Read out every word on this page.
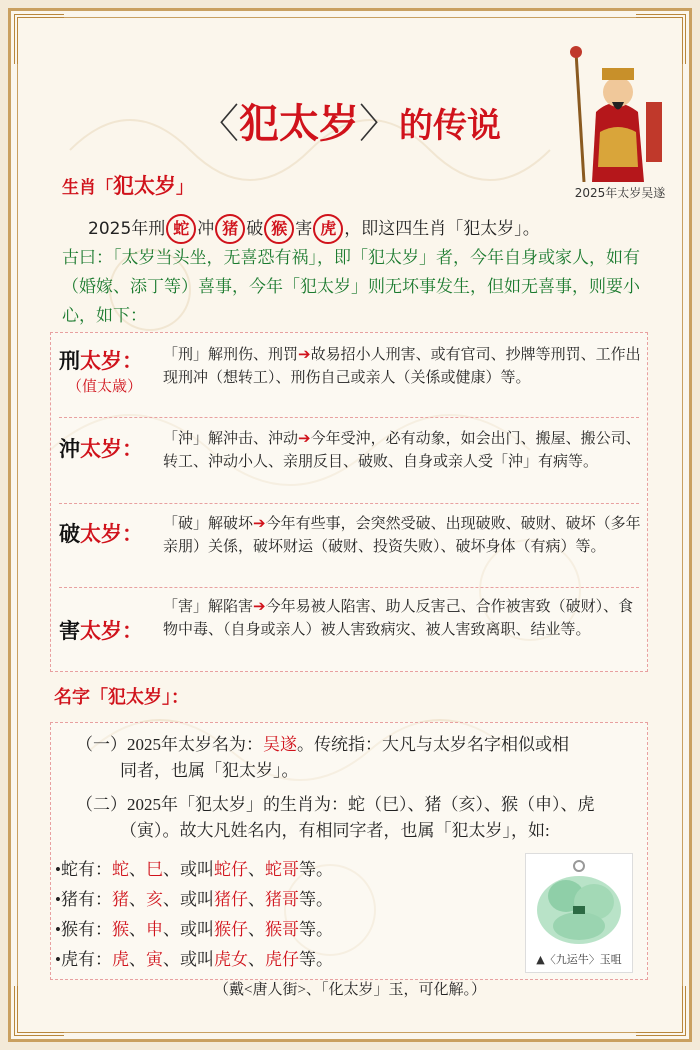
〈犯太岁〉的传说
2025年太岁吴遂
生肖「犯太岁」
2025年刑 蛇 冲 猪 破 猴 害 虎 ，即这四生肖「犯太岁」。
古曰：「太岁当头坐，无喜恐有祸」，即「犯太岁」者，今年自身或家人，如有（婚嫁、添丁等）喜事，今年「犯太岁」则无坏事发生，但如无喜事，则要小心，如下：
刑太岁：
（值太歳）
「刑」解刑伤、刑罚➔故易招小人刑害、或有官司、抄牌等刑罚、工作出现刑冲（想转工）、刑伤自己或亲人（关係或健康）等。
沖太岁： 「沖」解沖击、沖动➔今年受沖，必有动象，如会出门、搬屋、搬公司、转工、沖动小人、亲朋反目、破败、自身或亲人受「沖」有病等。
破太岁： 「破」解破坏➔今年有些事，会突然受破、出现破败、破财、破坏（多年亲朋）关係，破坏财运（破财、投资失败）、破坏身体（有病）等。
害太岁：
「害」解陷害➔今年易被人陷害、助人反害己、合作被害致（破财）、食物中毒、（自身或亲人）被人害致病灾、被人害致离职、结业等。
名字「犯太岁」：
（一）2025年太岁名为：吴遂。传统指：大凡与太岁名字相似或相
同者，也属「犯太岁」。
（二）2025年「犯太岁」的生肖为：蛇（巳）、猪（亥）、猴（申）、虎
（寅）。故大凡姓名内，有相同字者，也属「犯太岁」，如:
•蛇有：蛇、巳、或叫蛇仔、蛇哥等。
•猪有：猪、亥、或叫猪仔、猪哥等。
•猴有：猴、申、或叫猴仔、猴哥等。
•虎有：虎、寅、或叫虎女、虎仔等。	▲〈九运牛〉玉咀
（戴<唐人街>、「化太岁」玉，可化解。）
